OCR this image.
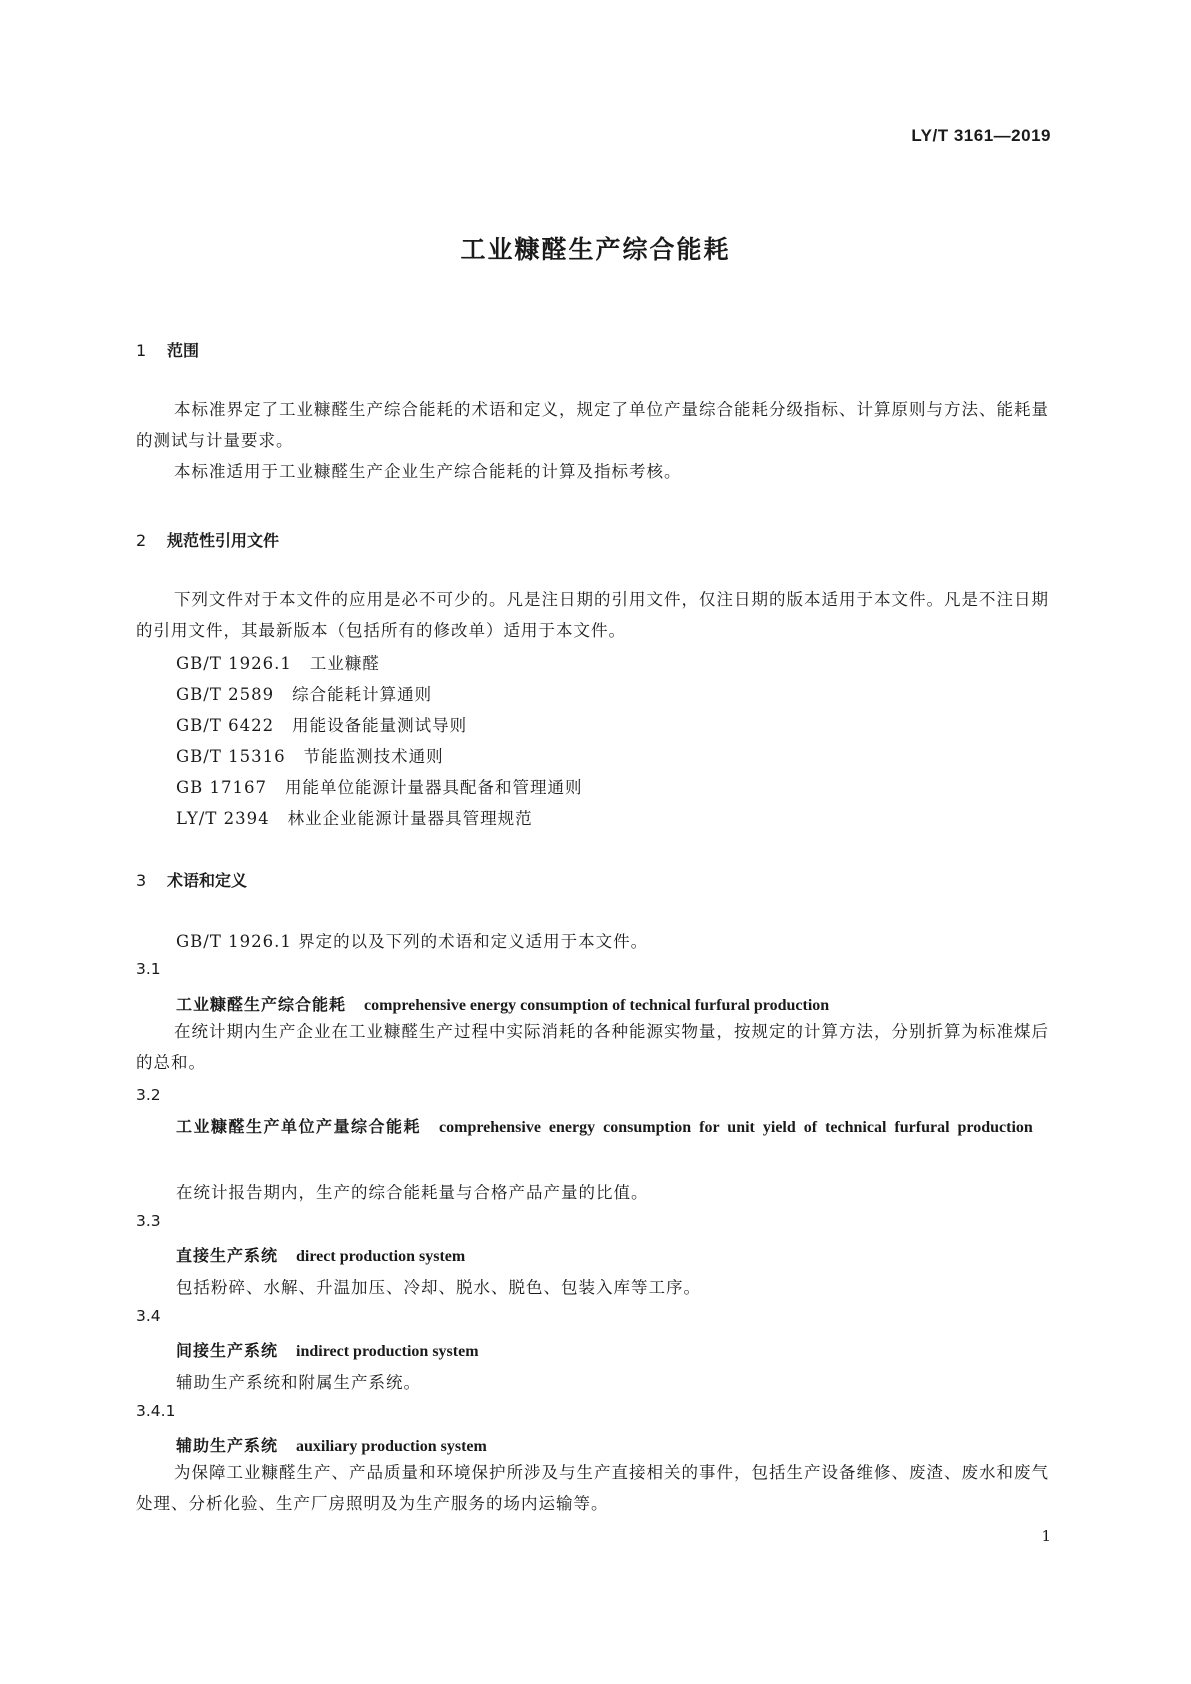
LY/T 3161—2019
工业糠醛生产综合能耗
1 范围
本标准界定了工业糠醛生产综合能耗的术语和定义，规定了单位产量综合能耗分级指标、计算原则与方法、能耗量的测试与计量要求。
本标准适用于工业糠醛生产企业生产综合能耗的计算及指标考核。
2 规范性引用文件
下列文件对于本文件的应用是必不可少的。凡是注日期的引用文件，仅注日期的版本适用于本文件。凡是不注日期的引用文件，其最新版本（包括所有的修改单）适用于本文件。
GB/T 1926.1 工业糠醛
GB/T 2589 综合能耗计算通则
GB/T 6422 用能设备能量测试导则
GB/T 15316 节能监测技术通则
GB 17167 用能单位能源计量器具配备和管理通则
LY/T 2394 林业企业能源计量器具管理规范
3 术语和定义
GB/T 1926.1 界定的以及下列的术语和定义适用于本文件。
3.1
工业糠醛生产综合能耗 comprehensive energy consumption of technical furfural production
在统计期内生产企业在工业糠醛生产过程中实际消耗的各种能源实物量，按规定的计算方法，分别折算为标准煤后的总和。
3.2
工业糠醛生产单位产量综合能耗 comprehensive energy consumption for unit yield of technical furfural production
在统计报告期内，生产的综合能耗量与合格产品产量的比值。
3.3
直接生产系统 direct production system
包括粉碎、水解、升温加压、冷却、脱水、脱色、包装入库等工序。
3.4
间接生产系统 indirect production system
辅助生产系统和附属生产系统。
3.4.1
辅助生产系统 auxiliary production system
为保障工业糠醛生产、产品质量和环境保护所涉及与生产直接相关的事件，包括生产设备维修、废渣、废水和废气处理、分析化验、生产厂房照明及为生产服务的场内运输等。
1
